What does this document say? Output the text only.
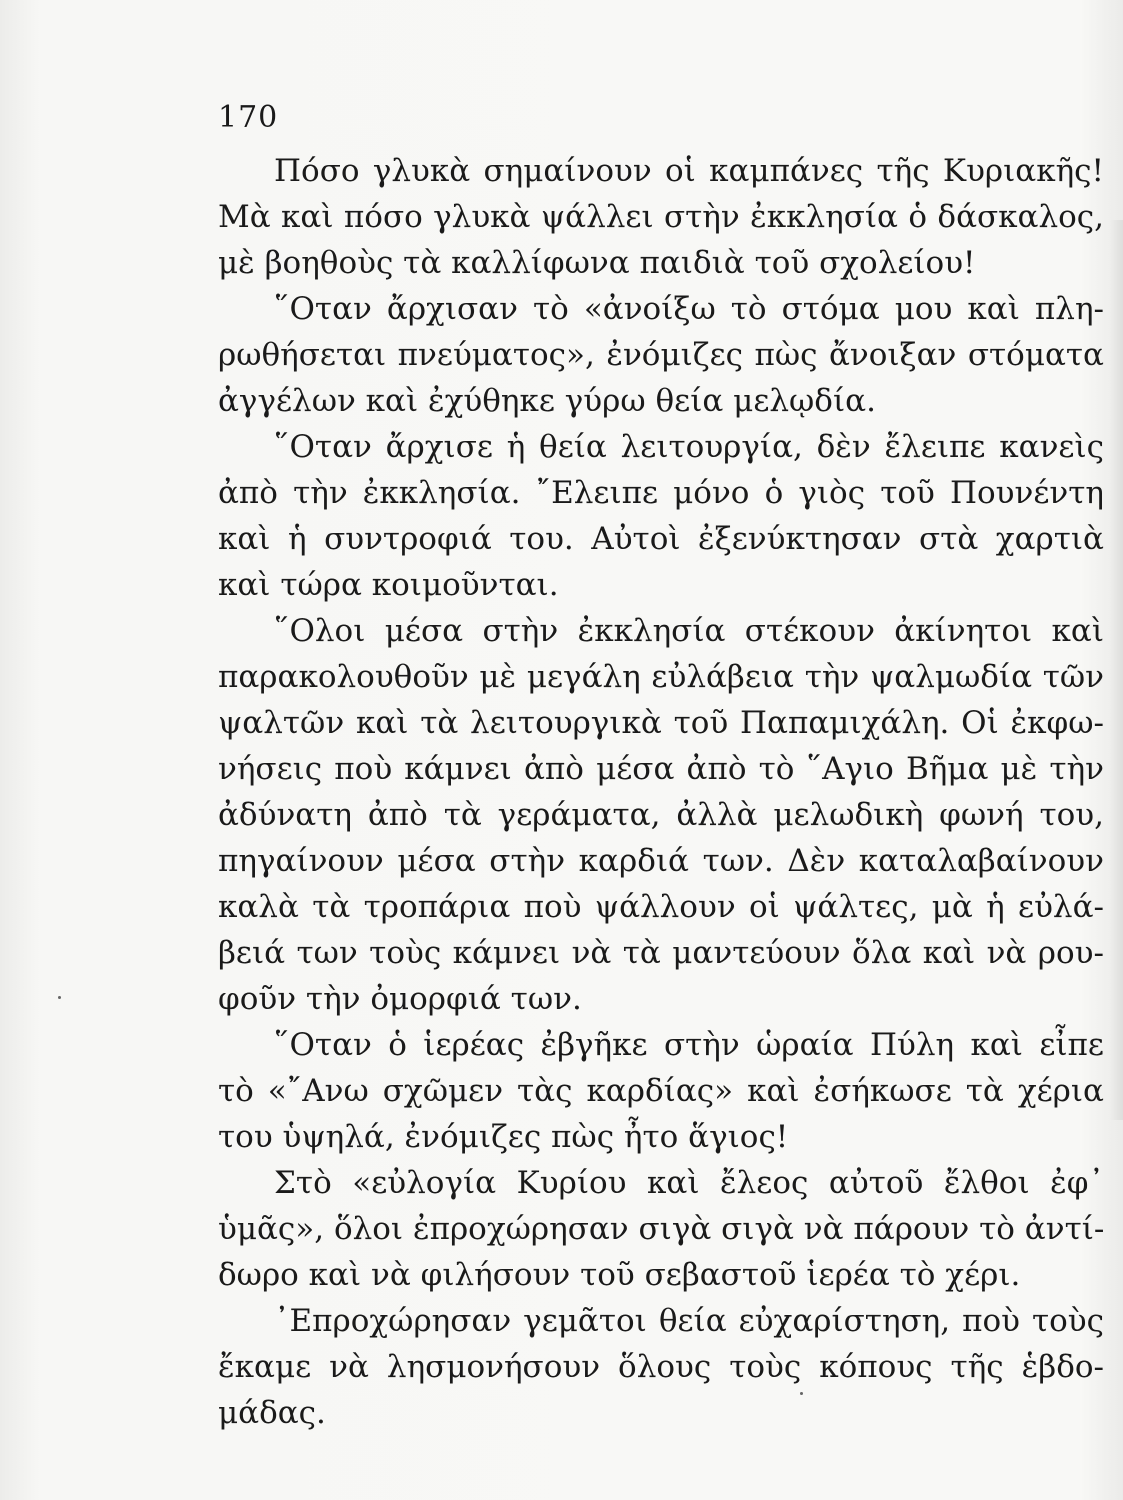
170
Πόσο γλυκὰ σημαίνουν οἱ καμπάνες τῆς Κυριακῆς!
Μὰ καὶ πόσο γλυκὰ ψάλλει στὴν ἐκκλησία ὁ δάσκαλος,
μὲ βοηθοὺς τὰ καλλίφωνα παιδιὰ τοῦ σχολείου!
῞Οταν ἄρχισαν τὸ «ἀνοίξω τὸ στόμα μου καὶ πλη-
ρωθήσεται πνεύματος», ἐνόμιζες πὼς ἄνοιξαν στόματα
ἀγγέλων καὶ ἐχύθηκε γύρω θεία μελῳδία.
῞Οταν ἄρχισε ἡ θεία λειτουργία, δὲν ἔλειπε κανεὶς
ἀπὸ τὴν ἐκκλησία. ῎Ελειπε μόνο ὁ γιὸς τοῦ Πουνέντη
καὶ ἡ συντροφιά του. Αὐτοὶ ἐξενύκτησαν στὰ χαρτιὰ
καὶ τώρα κοιμοῦνται.
῞Ολοι μέσα στὴν ἐκκλησία στέκουν ἀκίνητοι καὶ
παρακολουθοῦν μὲ μεγάλη εὐλάβεια τὴν ψαλμωδία τῶν
ψαλτῶν καὶ τὰ λειτουργικὰ τοῦ Παπαμιχάλη. Οἱ ἐκφω-
νήσεις ποὺ κάμνει ἀπὸ μέσα ἀπὸ τὸ ῞Αγιο Βῆμα μὲ τὴν
ἀδύνατη ἀπὸ τὰ γεράματα, ἀλλὰ μελωδικὴ φωνή του,
πηγαίνουν μέσα στὴν καρδιά των. Δὲν καταλαβαίνουν
καλὰ τὰ τροπάρια ποὺ ψάλλουν οἱ ψάλτες, μὰ ἡ εὐλά-
βειά των τοὺς κάμνει νὰ τὰ μαντεύουν ὅλα καὶ νὰ ρου-
φοῦν τὴν ὀμορφιά των.
῞Οταν ὁ ἱερέας ἐβγῆκε στὴν ὡραία Πύλη καὶ εἶπε
τὸ «῎Ανω σχῶμεν τὰς καρδίας» καὶ ἐσήκωσε τὰ χέρια
του ὑψηλά, ἐνόμιζες πὼς ἦτο ἅγιος!
Στὸ «εὐλογία Κυρίου καὶ ἔλεος αὐτοῦ ἔλθοι ἐφ᾿
ὑμᾶς», ὅλοι ἐπροχώρησαν σιγὰ σιγὰ νὰ πάρουν τὸ ἀντί-
δωρο καὶ νὰ φιλήσουν τοῦ σεβαστοῦ ἱερέα τὸ χέρι.
᾿Επροχώρησαν γεμᾶτοι θεία εὐχαρίστηση, ποὺ τοὺς
ἔκαμε νὰ λησμονήσουν ὅλους τοὺς κόπους τῆς ἑβδο-
μάδας.
